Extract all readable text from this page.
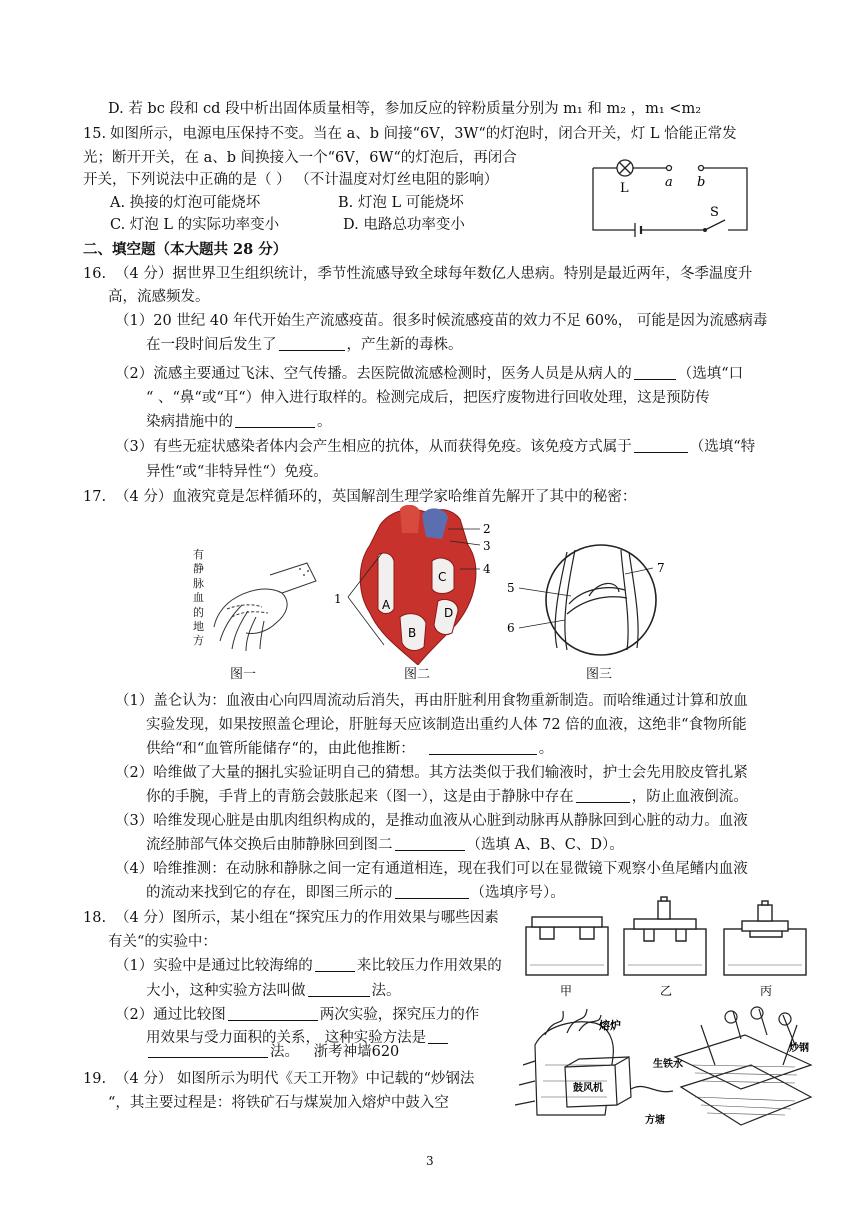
D. 若 bc 段和 cd 段中析出固体质量相等，参加反应的锌粉质量分别为 m₁ 和 m₂ ，m₁ <m₂
15. 如图所示，电源电压保持不变。当在 a、b 间接“6V，3W“的灯泡时，闭合开关，灯 L 恰能正常发
光；断开开关，在 a、b 间换接入一个“6V，6W“的灯泡后，再闭合
开关，下列说法中正确的是（ ） （不计温度对灯丝电阻的影响）
A. 换接的灯泡可能烧坏	B. 灯泡 L 可能烧坏
C. 灯泡 L 的实际功率变小	D. 电路总功率变小
L	a b
S
二、填空题（本大题共 28 分）
16. （4 分）据世界卫生组织统计，季节性流感导致全球每年数亿人患病。特别是最近两年，冬季温度升
高，流感频发。
（1）20 世纪 40 年代开始生产流感疫苗。很多时候流感疫苗的效力不足 60%， 可能是因为流感病毒
在一段时间后发生了	，产生新的毒株。
（2）流感主要通过飞沫、空气传播。去医院做流感检测时，医务人员是从病人的	（选填“口
“ 、“鼻“或“耳“）伸入进行取样的。检测完成后，把医疗废物进行回收处理，这是预防传
染病措施中的	。
（3）有些无症状感染者体内会产生相应的抗体，从而获得免疫。该免疫方式属于	（选填“特
异性“或“非特异性“）免疫。
17. （4 分）血液究竟是怎样循环的，英国解剖生理学家哈维首先解开了其中的秘密：
有
静
脉
血
的
地
方
图一
1
2
3
4
A
B
C
D
图二
5
6
7
图三
（1）盖仑认为：血液由心向四周流动后消失，再由肝脏利用食物重新制造。而哈维通过计算和放血
实验发现，如果按照盖仑理论，肝脏每天应该制造出重约人体 72 倍的血液，这绝非“食物所能
供给“和“血管所能储存“的，由此他推断：	。
（2）哈维做了大量的捆扎实验证明自己的猜想。其方法类似于我们输液时，护士会先用胶皮管扎紧
你的手腕，手背上的青筋会鼓胀起来（图一），这是由于静脉中存在	，防止血液倒流。
（3）哈维发现心脏是由肌肉组织构成的，是推动血液从心脏到动脉再从静脉回到心脏的动力。血液
流经肺部气体交换后由肺静脉回到图二	（选填 A、B、C、D）。
（4）哈维推测：在动脉和静脉之间一定有通道相连，现在我们可以在显微镜下观察小鱼尾鳍内血液
的流动来找到它的存在，即图三所示的	（选填序号）。
18. （4 分）图所示，某小组在“探究压力的作用效果与哪些因素
有关“的实验中：
（1）实验中是通过比较海绵的	来比较压力作用效果的
大小，这种实验方法叫做	法。
（2）通过比较图	两次实验，探究压力的作
用效果与受力面积的关系， 这种实验方法是
法。 浙考神墙620
甲	乙	丙
19. （4 分） 如图所示为明代《天工开物》中记载的“炒钢法
“，其主要过程是：将铁矿石与煤炭加入熔炉中鼓入空
熔炉
生铁水
鼓风机
炒钢
方塘
3
